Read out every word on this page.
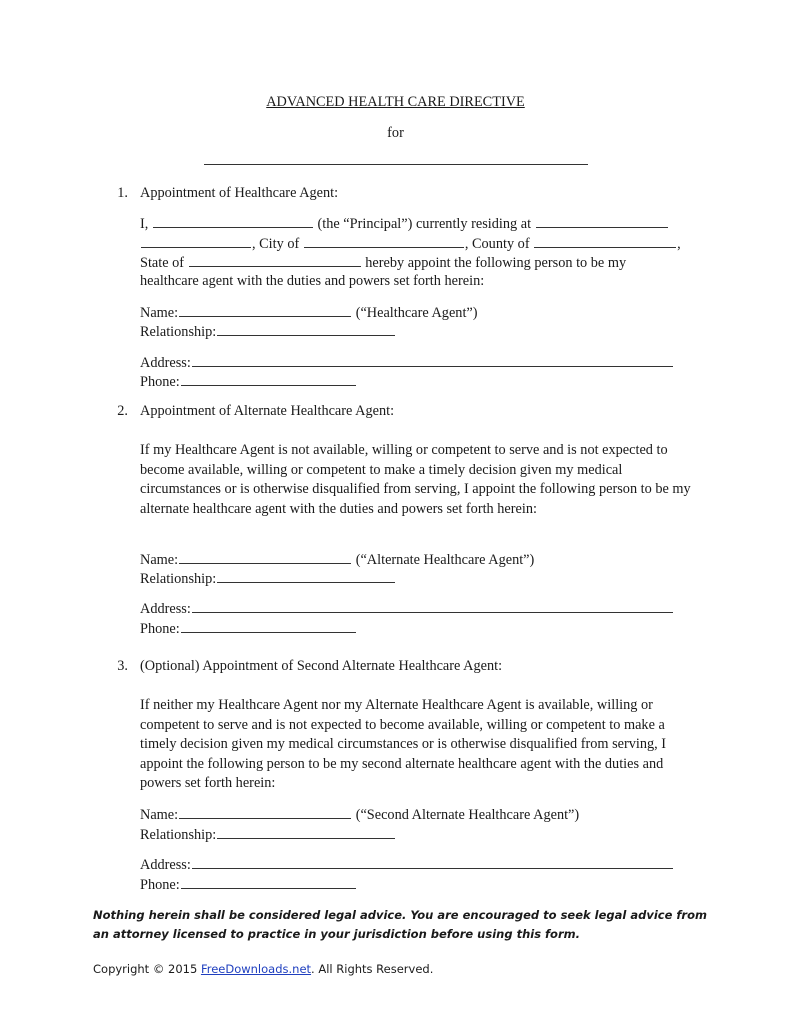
ADVANCED HEALTH CARE DIRECTIVE
for
1. Appointment of Healthcare Agent:
I,	(the “Principal”) currently residing at
, City of	, County of	,
State of	hereby appoint the following person to be my
healthcare agent with the duties and powers set forth herein:
Name:	(“Healthcare Agent”)
Relationship:
Address:
Phone:
2. Appointment of Alternate Healthcare Agent:
If my Healthcare Agent is not available, willing or competent to serve and is not expected to become available, willing or competent to make a timely decision given my medical circumstances or is otherwise disqualified from serving, I appoint the following person to be my alternate healthcare agent with the duties and powers set forth herein:
Name:	(“Alternate Healthcare Agent”)
Relationship:
Address:
Phone:
3. (Optional) Appointment of Second Alternate Healthcare Agent:
If neither my Healthcare Agent nor my Alternate Healthcare Agent is available, willing or competent to serve and is not expected to become available, willing or competent to make a timely decision given my medical circumstances or is otherwise disqualified from serving, I appoint the following person to be my second alternate healthcare agent with the duties and powers set forth herein:
Name:	(“Second Alternate Healthcare Agent”)
Relationship:
Address:
Phone:
Nothing herein shall be considered legal advice. You are encouraged to seek legal advice from an attorney licensed to practice in your jurisdiction before using this form.
Copyright © 2015 FreeDownloads.net. All Rights Reserved.
